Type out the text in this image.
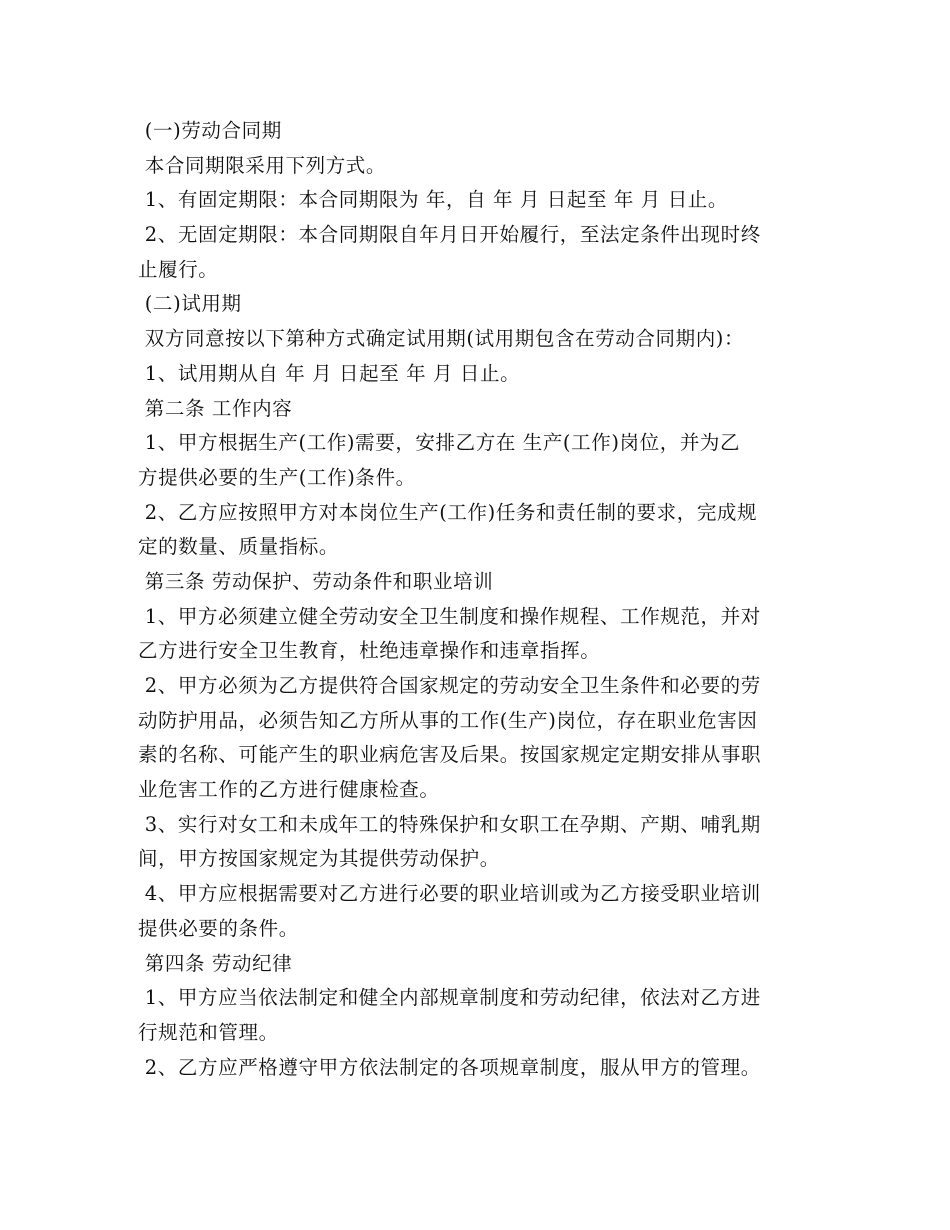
(一)劳动合同期
本合同期限采用下列方式。
1、有固定期限：本合同期限为 年，自 年 月 日起至 年 月 日止。
2、无固定期限：本合同期限自年月日开始履行，至法定条件出现时终
止履行。
(二)试用期
双方同意按以下第种方式确定试用期(试用期包含在劳动合同期内)：
1、试用期从自 年 月 日起至 年 月 日止。
第二条 工作内容
1、甲方根据生产(工作)需要，安排乙方在 生产(工作)岗位，并为乙
方提供必要的生产(工作)条件。
2、乙方应按照甲方对本岗位生产(工作)任务和责任制的要求，完成规
定的数量、质量指标。
第三条 劳动保护、劳动条件和职业培训
1、甲方必须建立健全劳动安全卫生制度和操作规程、工作规范，并对
乙方进行安全卫生教育，杜绝违章操作和违章指挥。
2、甲方必须为乙方提供符合国家规定的劳动安全卫生条件和必要的劳
动防护用品，必须告知乙方所从事的工作(生产)岗位，存在职业危害因
素的名称、可能产生的职业病危害及后果。按国家规定定期安排从事职
业危害工作的乙方进行健康检查。
3、实行对女工和未成年工的特殊保护和女职工在孕期、产期、哺乳期
间，甲方按国家规定为其提供劳动保护。
4、甲方应根据需要对乙方进行必要的职业培训或为乙方接受职业培训
提供必要的条件。
第四条 劳动纪律
1、甲方应当依法制定和健全内部规章制度和劳动纪律，依法对乙方进
行规范和管理。
2、乙方应严格遵守甲方依法制定的各项规章制度，服从甲方的管理。
